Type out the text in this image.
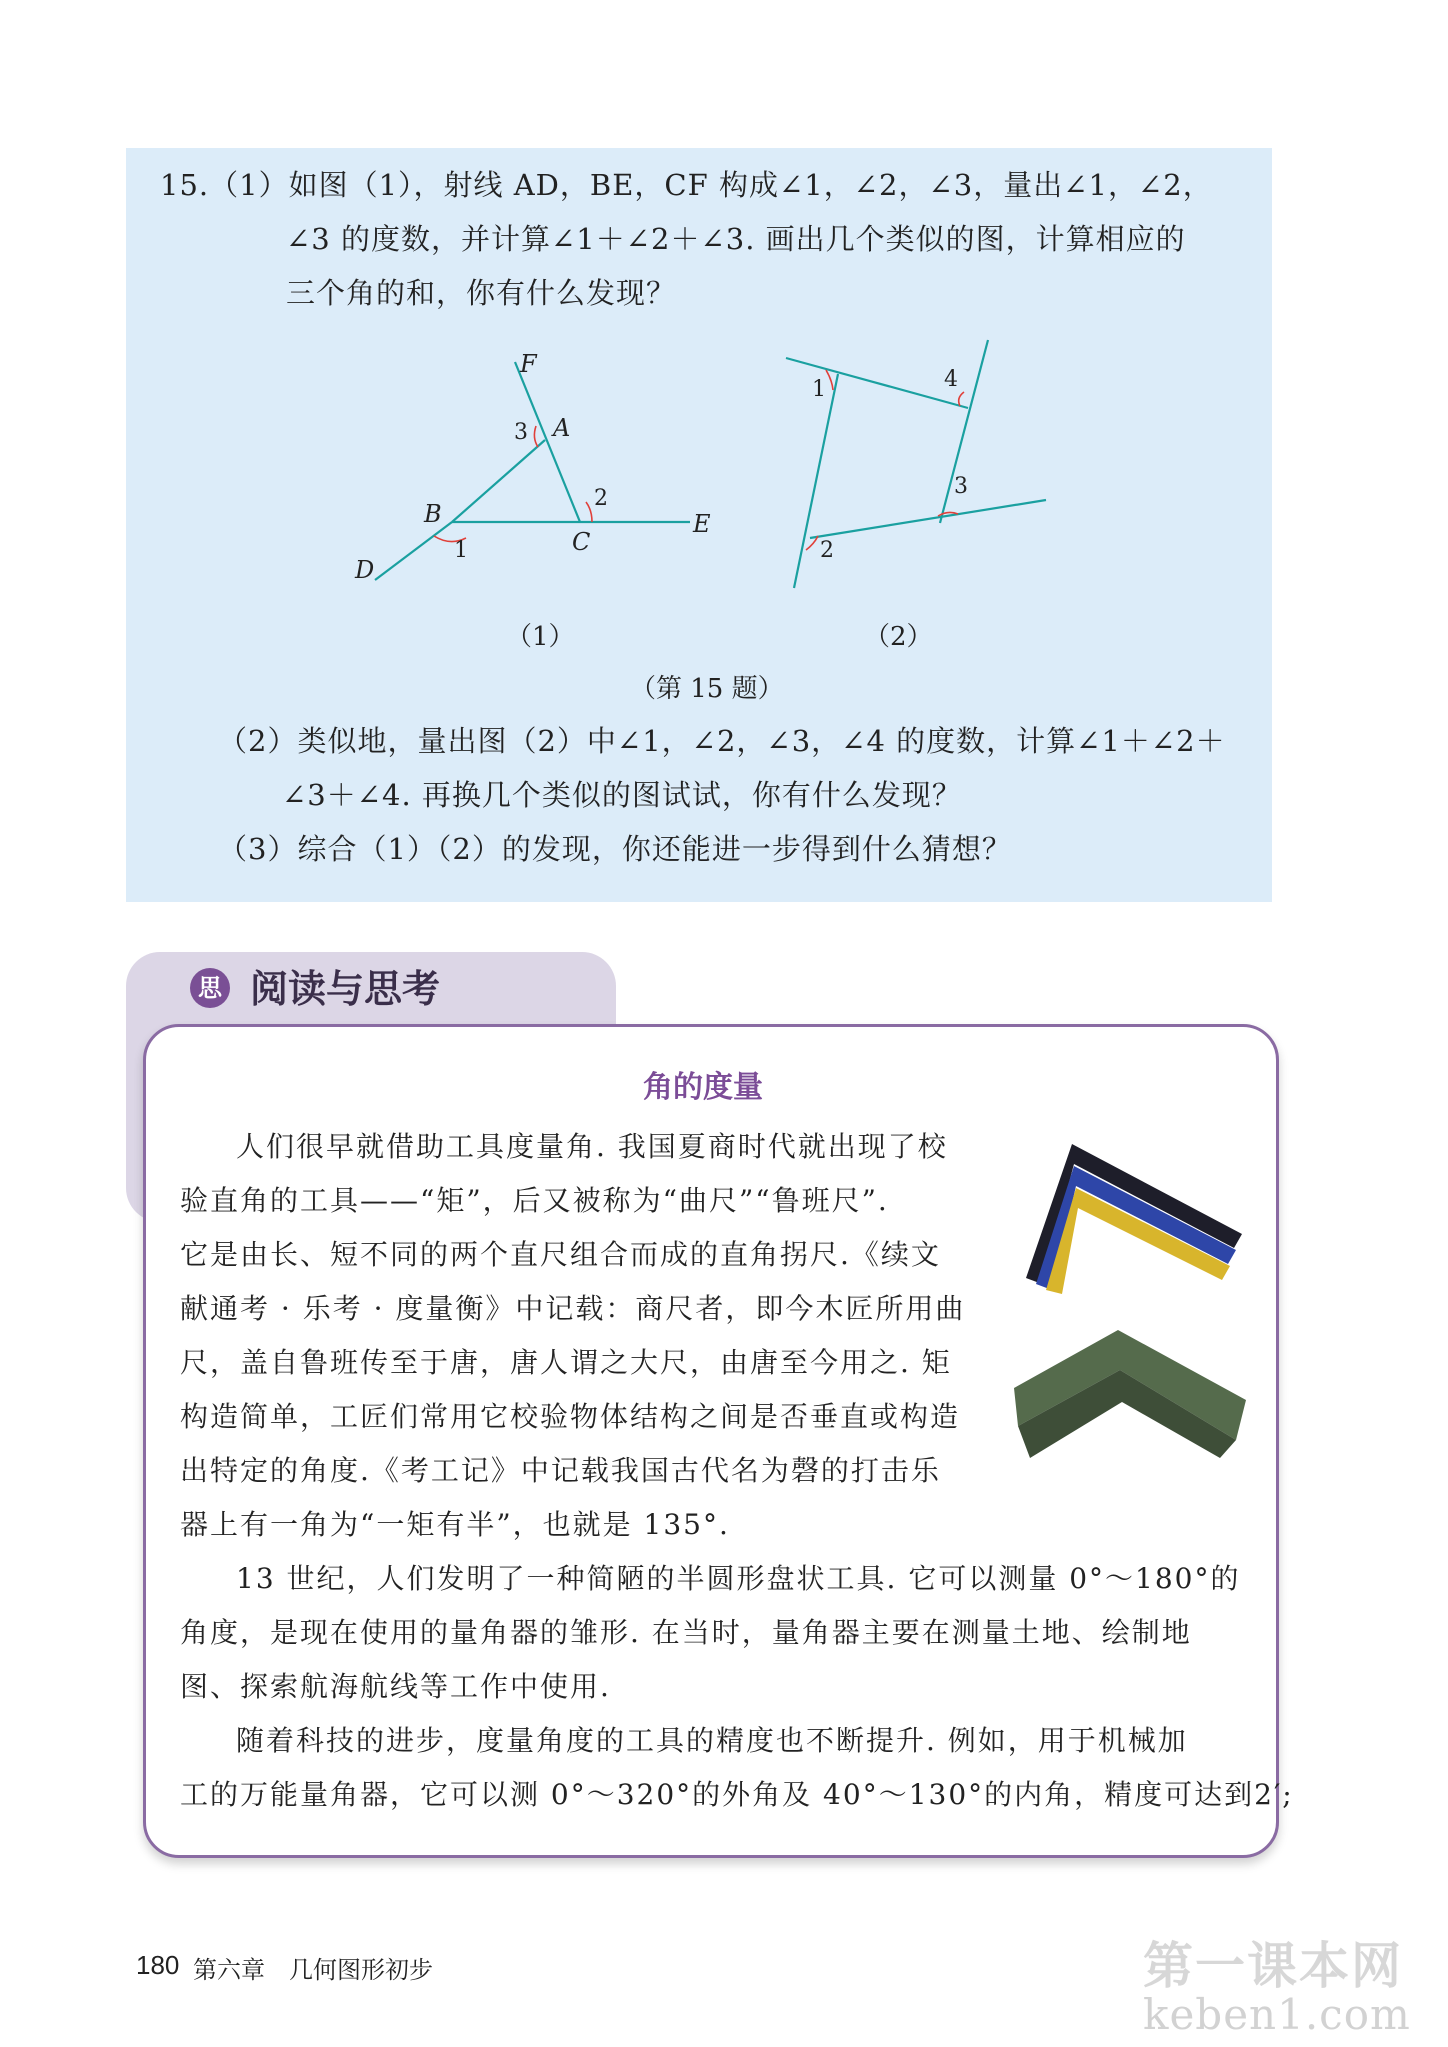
15.（1）如图（1），射线 AD，BE，CF 构成∠1，∠2，∠3，量出∠1，∠2，
∠3 的度数，并计算∠1＋∠2＋∠3. 画出几个类似的图，计算相应的
三个角的和，你有什么发现？
F
A
B
C
D
E
1
2
3
（1）
1
2
3
4
（2）
（第 15 题）
（2）类似地，量出图（2）中∠1，∠2，∠3，∠4 的度数，计算∠1＋∠2＋
∠3＋∠4. 再换几个类似的图试试，你有什么发现？
（3）综合（1）（2）的发现，你还能进一步得到什么猜想？
思 阅读与思考
角的度量
人们很早就借助工具度量角. 我国夏商时代就出现了校
验直角的工具——“矩”，后又被称为“曲尺”“鲁班尺”.
它是由长、短不同的两个直尺组合而成的直角拐尺.《续文
献通考 · 乐考 · 度量衡》中记载：商尺者，即今木匠所用曲
尺，盖自鲁班传至于唐，唐人谓之大尺，由唐至今用之. 矩
构造简单，工匠们常用它校验物体结构之间是否垂直或构造
出特定的角度.《考工记》中记载我国古代名为磬的打击乐
器上有一角为“一矩有半”，也就是 135°.
13 世纪，人们发明了一种简陋的半圆形盘状工具. 它可以测量 0°～180°的
角度，是现在使用的量角器的雏形. 在当时，量角器主要在测量土地、绘制地
图、探索航海航线等工作中使用.
随着科技的进步，度量角度的工具的精度也不断提升. 例如，用于机械加
工的万能量角器，它可以测 0°～320°的外角及 40°～130°的内角，精度可达到2′;
180 第六章　几何图形初步	第一课本网
keben1.com
